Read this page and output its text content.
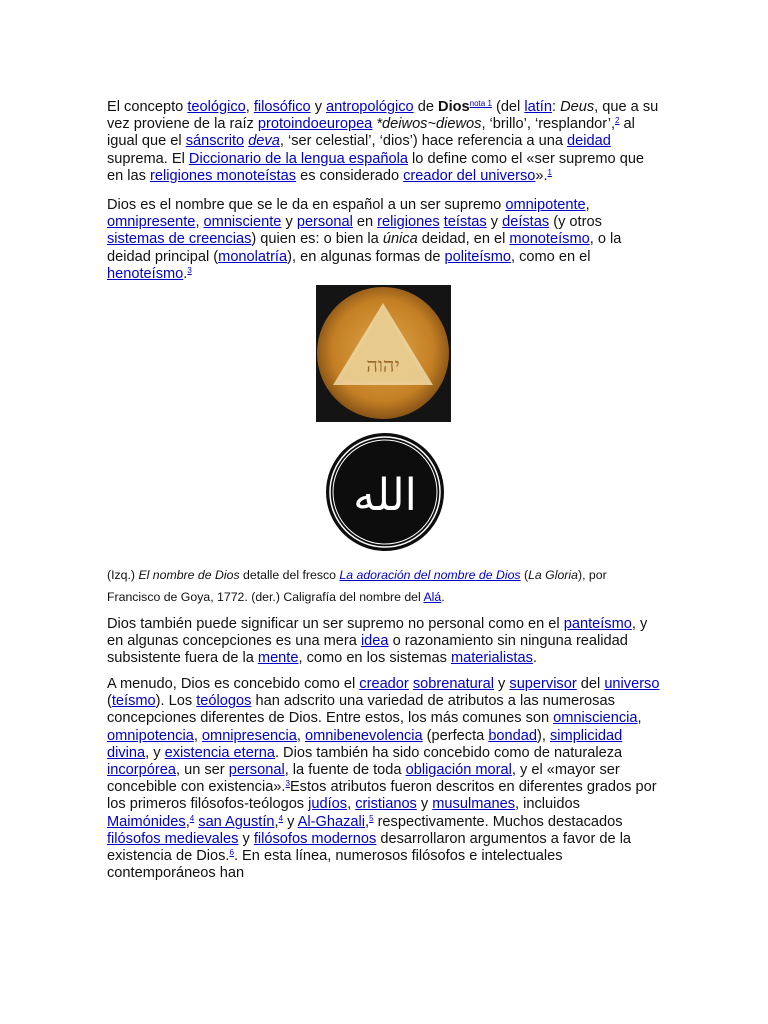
El concepto teológico, filosófico y antropológico de Dios$^{nota 1}$ (del latín: Deus, que a su vez proviene de la raíz protoindoeuropea *deiwos~diewos, ‘brillo’, ‘resplandor’,$^2$ al igual que el sánscrito deva, ‘ser celestial’, ‘dios’) hace referencia a una deidad suprema. El Diccionario de la lengua española lo define como el «ser supremo que en las religiones monoteístas es considerado creador del universo».$^1$

Dios es el nombre que se le da en español a un ser supremo omnipotente, omnipresente, omnisciente y personal en religiones teístas y deístas (y otros sistemas de creencias) quien es: o bien la única deidad, en el monoteísmo, o la deidad principal (monolatría), en algunas formas de politeísmo, como en el henoteísmo.$^3$

יהוה
الله
(Izq.) El nombre de Dios detalle del fresco La adoración del nombre de Dios (La Gloria), por Francisco de Goya, 1772. (der.) Caligrafía del nombre del Alá.

Dios también puede significar un ser supremo no personal como en el panteísmo, y en algunas concepciones es una mera idea o razonamiento sin ninguna realidad subsistente fuera de la mente, como en los sistemas materialistas.

A menudo, Dios es concebido como el creador sobrenatural y supervisor del universo (teísmo). Los teólogos han adscrito una variedad de atributos a las numerosas concepciones diferentes de Dios. Entre estos, los más comunes son omnisciencia, omnipotencia, omnipresencia, omnibenevolencia (perfecta bondad), simplicidad divina, y existencia eterna. Dios también ha sido concebido como de naturaleza incorpórea, un ser personal, la fuente de toda obligación moral, y el «mayor ser concebible con existencia».$^3$Estos atributos fueron descritos en diferentes grados por los primeros filósofos-teólogos judíos, cristianos y musulmanes, incluidos Maimónides,$^4$ san Agustín,$^4$ y Al-Ghazali,$^5$ respectivamente. Muchos destacados filósofos medievales y filósofos modernos desarrollaron argumentos a favor de la existencia de Dios.$^6$. En esta línea, numerosos filósofos e intelectuales contemporáneos han
